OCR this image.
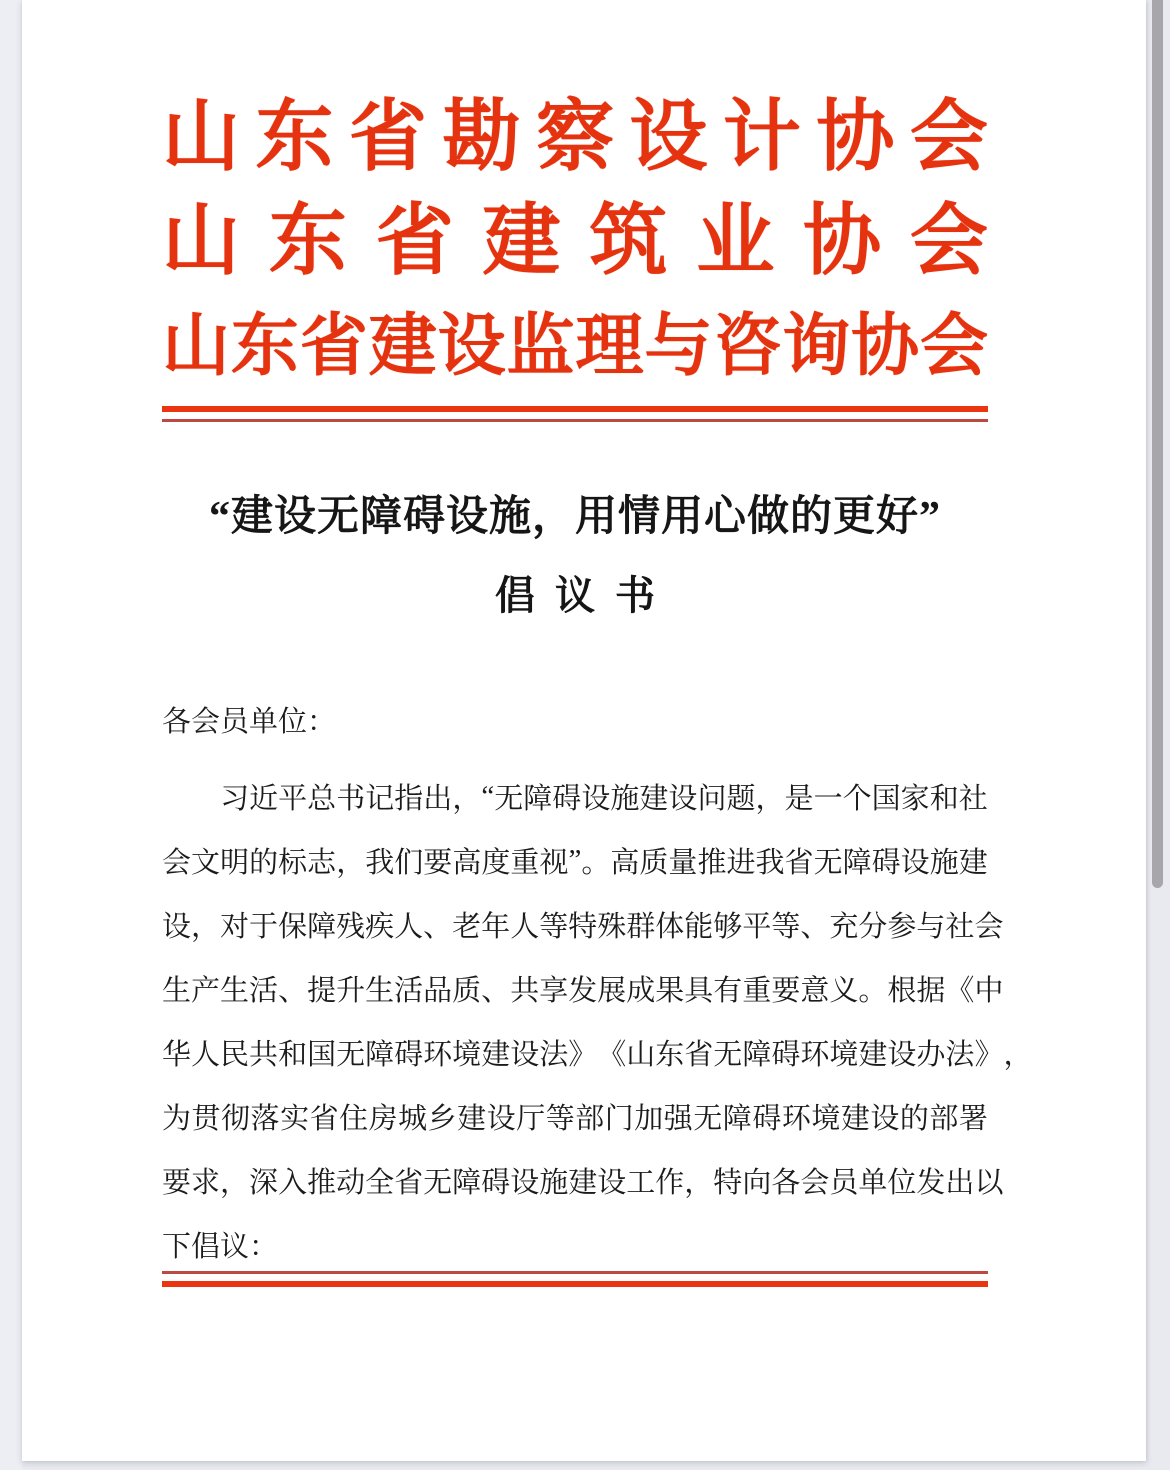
山 东 省 勘 察 设 计 协 会
山 东 省 建 筑 业 协 会
山 东 省 建 设 监 理 与 咨 询 协 会
“建设无障碍设施，用情用心做的更好”
倡 议 书
各会员单位：

习 近 平 总 书 记 指 出 ， “ 无 障 碍 设 施 建 设 问 题 ， 是 一 个 国 家 和 社
会 文 明 的 标 志 ， 我 们 要 高 度 重 视 ” 。 高 质 量 推 进 我 省 无 障 碍 设 施 建
设 ， 对 于 保 障 残 疾 人 、 老 年 人 等 特 殊 群 体 能 够 平 等 、 充 分 参 与 社 会
生 产 生 活 、 提 升 生 活 品 质 、 共 享 发 展 成 果 具 有 重 要 意 义 。 根 据 《 中
华 人 民 共 和 国 无 障 碍 环 境 建 设 法 》 《 山 东 省 无 障 碍 环 境 建 设 办 法 》 ，
为 贯 彻 落 实 省 住 房 城 乡 建 设 厅 等 部 门 加 强 无 障 碍 环 境 建 设 的 部 署
要 求 ， 深 入 推 动 全 省 无 障 碍 设 施 建 设 工 作 ， 特 向 各 会 员 单 位 发 出 以
下 倡 议 ：
